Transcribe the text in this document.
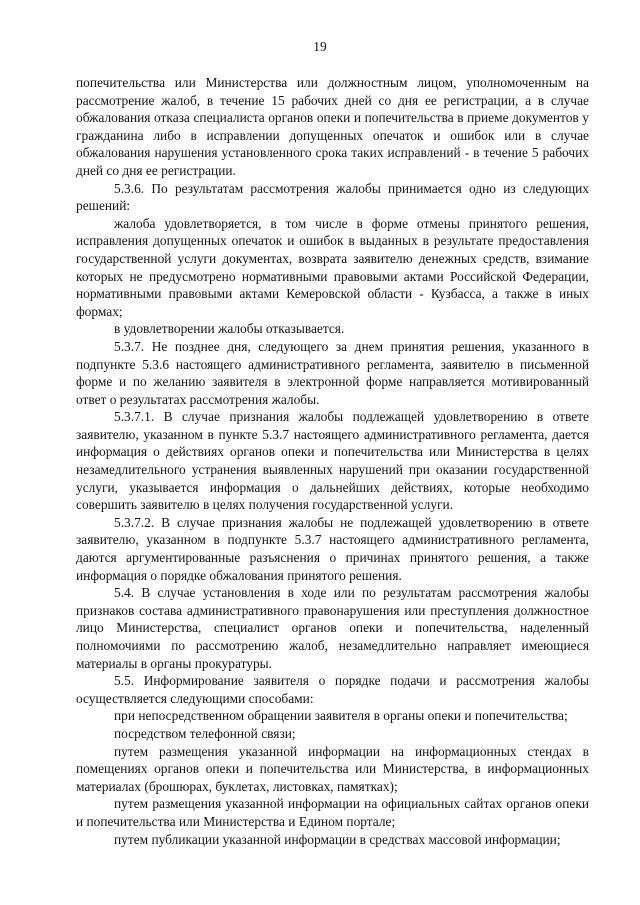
19

попечительства или Министерства или должностным лицом, уполномоченным на рассмотрение жалоб, в течение 15 рабочих дней со дня ее регистрации, а в случае обжалования отказа специалиста органов опеки и попечительства в приеме документов у гражданина либо в исправлении допущенных опечаток и ошибок или в случае обжалования нарушения установленного срока таких исправлений - в течение 5 рабочих дней со дня ее регистрации.

5.3.6. По результатам рассмотрения жалобы принимается одно из следующих решений:

жалоба удовлетворяется, в том числе в форме отмены принятого решения, исправления допущенных опечаток и ошибок в выданных в результате предоставления государственной услуги документах, возврата заявителю денежных средств, взимание которых не предусмотрено нормативными правовыми актами Российской Федерации, нормативными правовыми актами Кемеровской области - Кузбасса, а также в иных формах;

в удовлетворении жалобы отказывается.

5.3.7. Не позднее дня, следующего за днем принятия решения, указанного в подпункте 5.3.6 настоящего административного регламента, заявителю в письменной форме и по желанию заявителя в электронной форме направляется мотивированный ответ о результатах рассмотрения жалобы.

5.3.7.1. В случае признания жалобы подлежащей удовлетворению в ответе заявителю, указанном в пункте 5.3.7 настоящего административного регламента, дается информация о действиях органов опеки и попечительства или Министерства в целях незамедлительного устранения выявленных нарушений при оказании государственной услуги, указывается информация о дальнейших действиях, которые необходимо совершить заявителю в целях получения государственной услуги.

5.3.7.2. В случае признания жалобы не подлежащей удовлетворению в ответе заявителю, указанном в подпункте 5.3.7 настоящего административного регламента, даются аргументированные разъяснения о причинах принятого решения, а также информация о порядке обжалования принятого решения.

5.4. В случае установления в ходе или по результатам рассмотрения жалобы признаков состава административного правонарушения или преступления должностное лицо Министерства, специалист органов опеки и попечительства, наделенный полномочиями по рассмотрению жалоб, незамедлительно направляет имеющиеся материалы в органы прокуратуры.

5.5. Информирование заявителя о порядке подачи и рассмотрения жалобы осуществляется следующими способами:

при непосредственном обращении заявителя в органы опеки и попечительства;

посредством телефонной связи;

путем размещения указанной информации на информационных стендах в помещениях органов опеки и попечительства или Министерства, в информационных материалах (брошюрах, буклетах, листовках, памятках);

путем размещения указанной информации на официальных сайтах органов опеки и попечительства или Министерства и Едином портале;

путем публикации указанной информации в средствах массовой информации;
